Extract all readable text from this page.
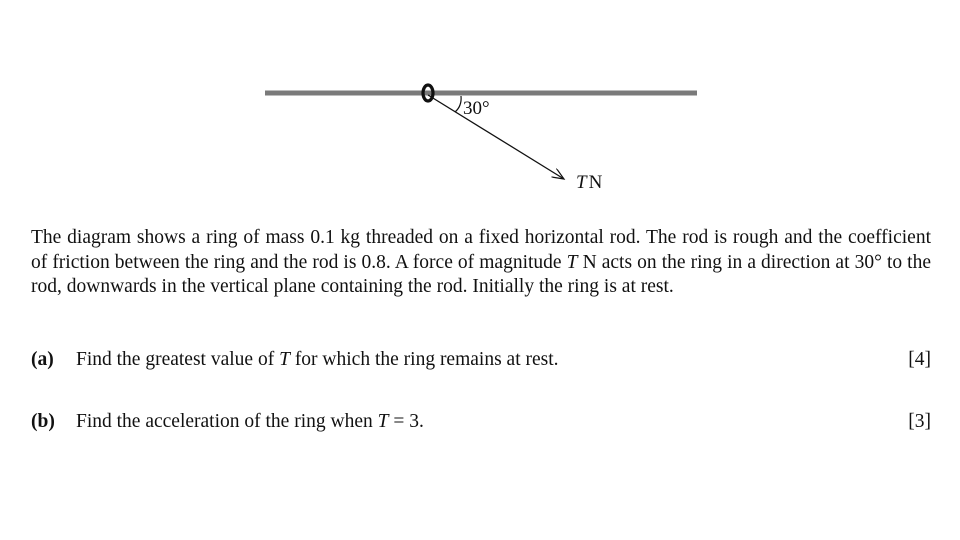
30°
T N

The diagram shows a ring of mass 0.1 kg threaded on a fixed horizontal rod. The rod is rough and the coefficient of friction between the ring and the rod is 0.8. A force of magnitude T N acts on the ring in a direction at 30° to the rod, downwards in the vertical plane containing the rod. Initially the ring is at rest.

(a) Find the greatest value of T for which the ring remains at rest.	[4]
(b) Find the acceleration of the ring when T = 3.	[3]
